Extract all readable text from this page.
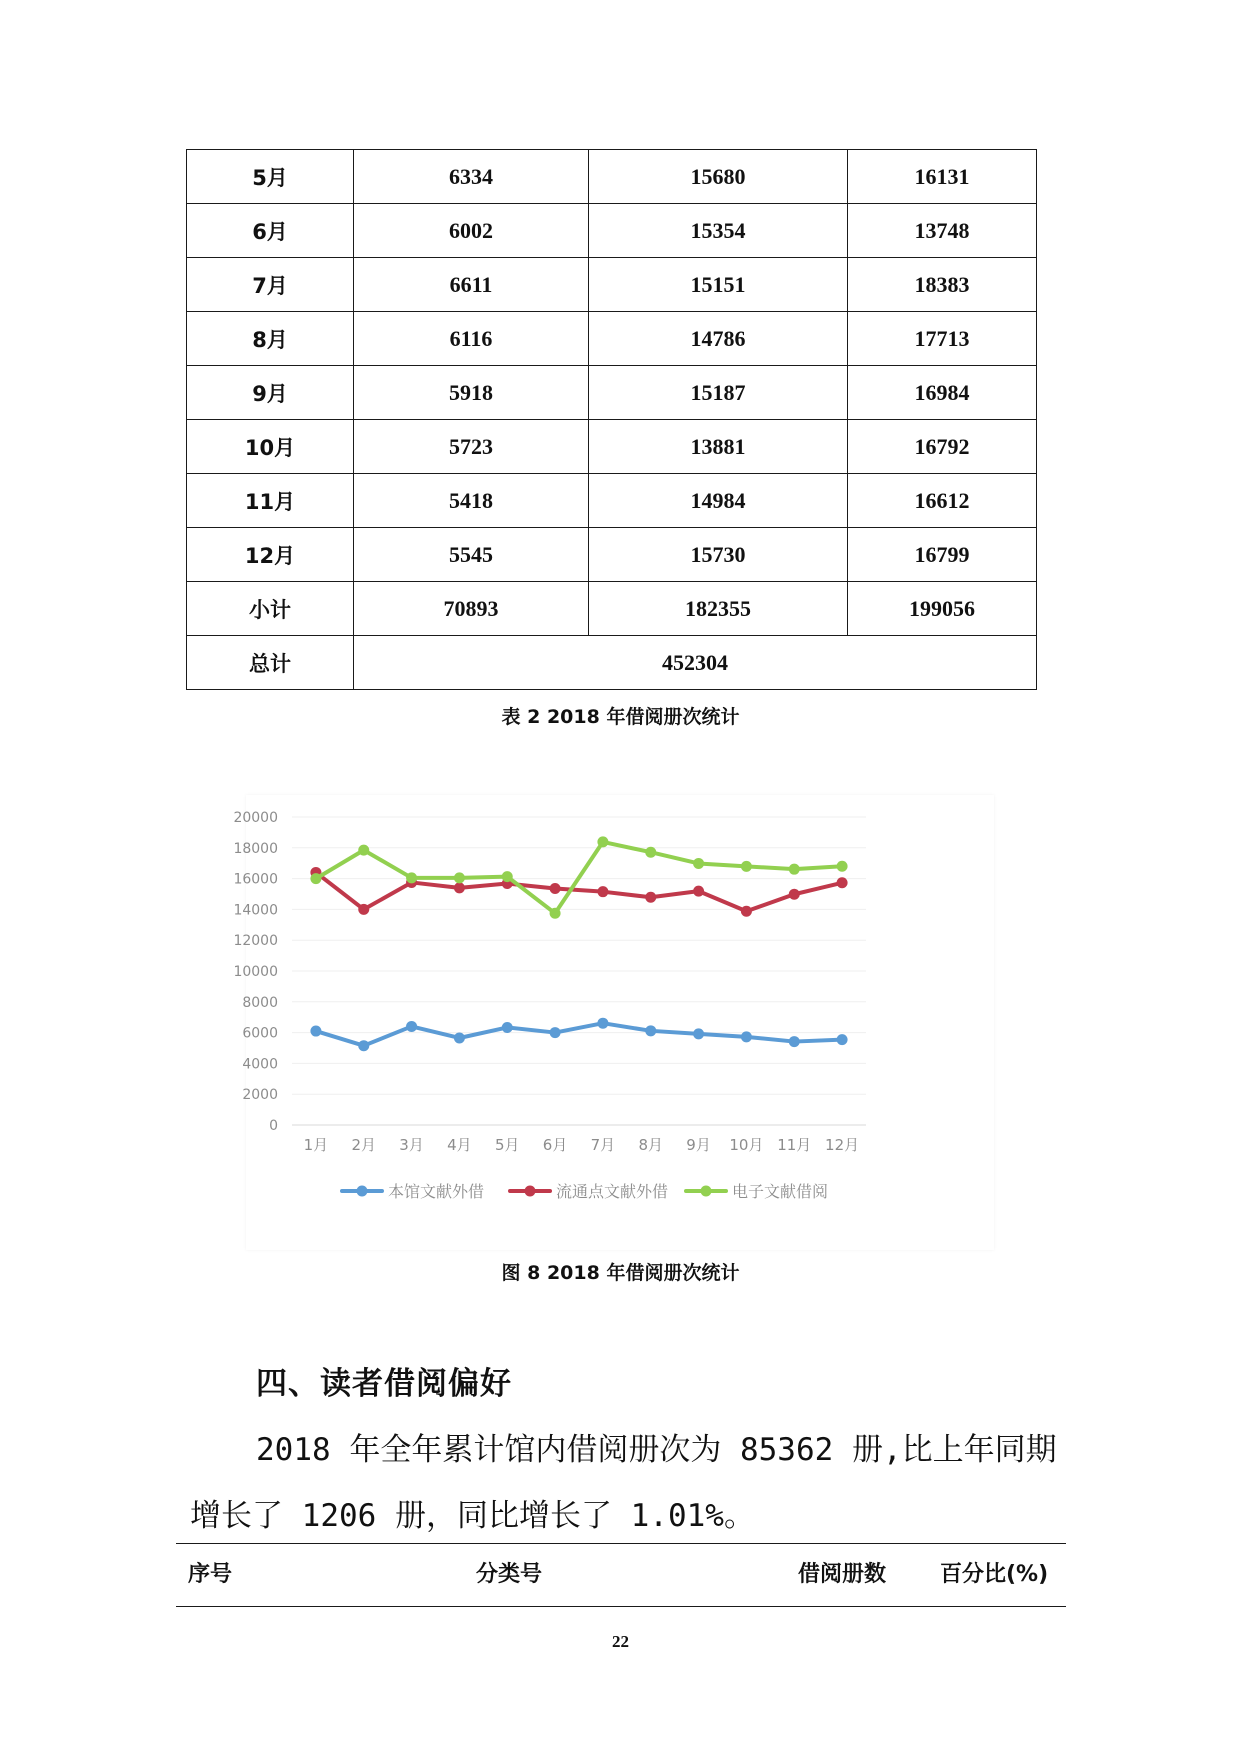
5月	6334	15680	16131
6月	6002	15354	13748
7月	6611	15151	18383
8月	6116	14786	17713
9月	5918	15187	16984
10月	5723	13881	16792
11月	5418	14984	16612
12月	5545	15730	16799
小计	70893	182355	199056
总计	452304		
表 2 2018 年借阅册次统计
20000
18000
16000
14000
12000
10000
8000
6000
4000
2000
0
1月 2月 3月 4月 5月 6月 7月 8月 9月 10月 11月 12月
本馆文献外借	流通点文献外借	电子文献借阅
图 8 2018 年借阅册次统计
四、读者借阅偏好
2018 年全年累计馆内借阅册次为 85362 册,比上年同期
增长了 1206 册，同比增长了 1.01%。
序号	分类号	借阅册数 百分比(%)
22
